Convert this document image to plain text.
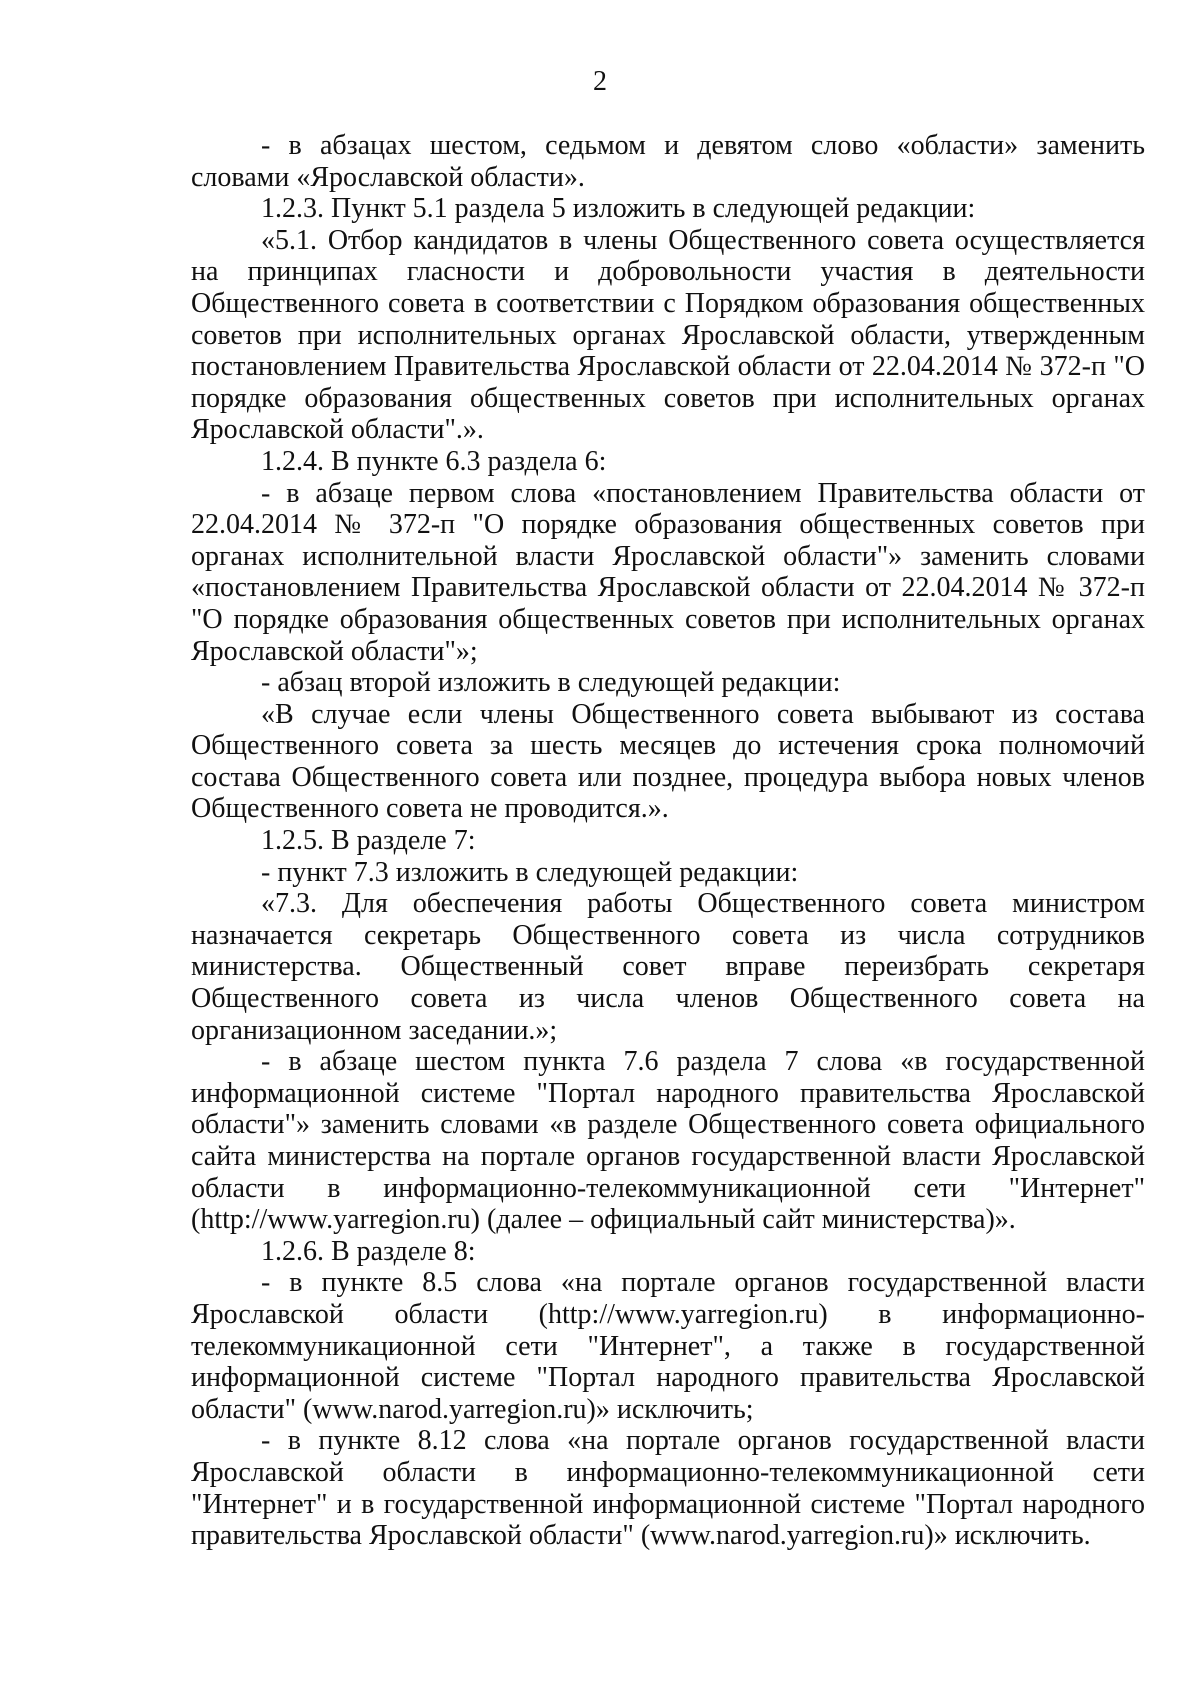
2

- в абзацах шестом, седьмом и девятом слово «области» заменить словами «Ярославской области».

1.2.3. Пункт 5.1 раздела 5 изложить в следующей редакции:

«5.1. Отбор кандидатов в члены Общественного совета осуществляется на принципах гласности и добровольности участия в деятельности Общественного совета в соответствии с Порядком образования общественных советов при исполнительных органах Ярославской области, утвержденным постановлением Правительства Ярославской области от 22.04.2014 № 372-п "О порядке образования общественных советов при исполнительных органах Ярославской области".».

1.2.4. В пункте 6.3 раздела 6:

- в абзаце первом слова «постановлением Правительства области от 22.04.2014 № 372-п "О порядке образования общественных советов при органах исполнительной власти Ярославской области"» заменить словами «постановлением Правительства Ярославской области от 22.04.2014 № 372-п "О порядке образования общественных советов при исполнительных органах Ярославской области"»;

- абзац второй изложить в следующей редакции:

«В случае если члены Общественного совета выбывают из состава Общественного совета за шесть месяцев до истечения срока полномочий состава Общественного совета или позднее, процедура выбора новых членов Общественного совета не проводится.».

1.2.5. В разделе 7:

- пункт 7.3 изложить в следующей редакции:

«7.3. Для обеспечения работы Общественного совета министром назначается секретарь Общественного совета из числа сотрудников министерства. Общественный совет вправе переизбрать секретаря Общественного совета из числа членов Общественного совета на организационном заседании.»;

- в абзаце шестом пункта 7.6 раздела 7 слова «в государственной информационной системе "Портал народного правительства Ярославской области"» заменить словами «в разделе Общественного совета официального сайта министерства на портале органов государственной власти Ярославской области в информационно-телекоммуникационной сети "Интернет" (http://www.yarregion.ru) (далее – официальный сайт министерства)».

1.2.6. В разделе 8:

- в пункте 8.5 слова «на портале органов государственной власти Ярославской области (http://www.yarregion.ru) в информационно-телекоммуникационной сети "Интернет", а также в государственной информационной системе "Портал народного правительства Ярославской области" (www.narod.yarregion.ru)» исключить;

- в пункте 8.12 слова «на портале органов государственной власти Ярославской области в информационно-телекоммуникационной сети "Интернет" и в государственной информационной системе "Портал народного правительства Ярославской области" (www.narod.yarregion.ru)» исключить.
